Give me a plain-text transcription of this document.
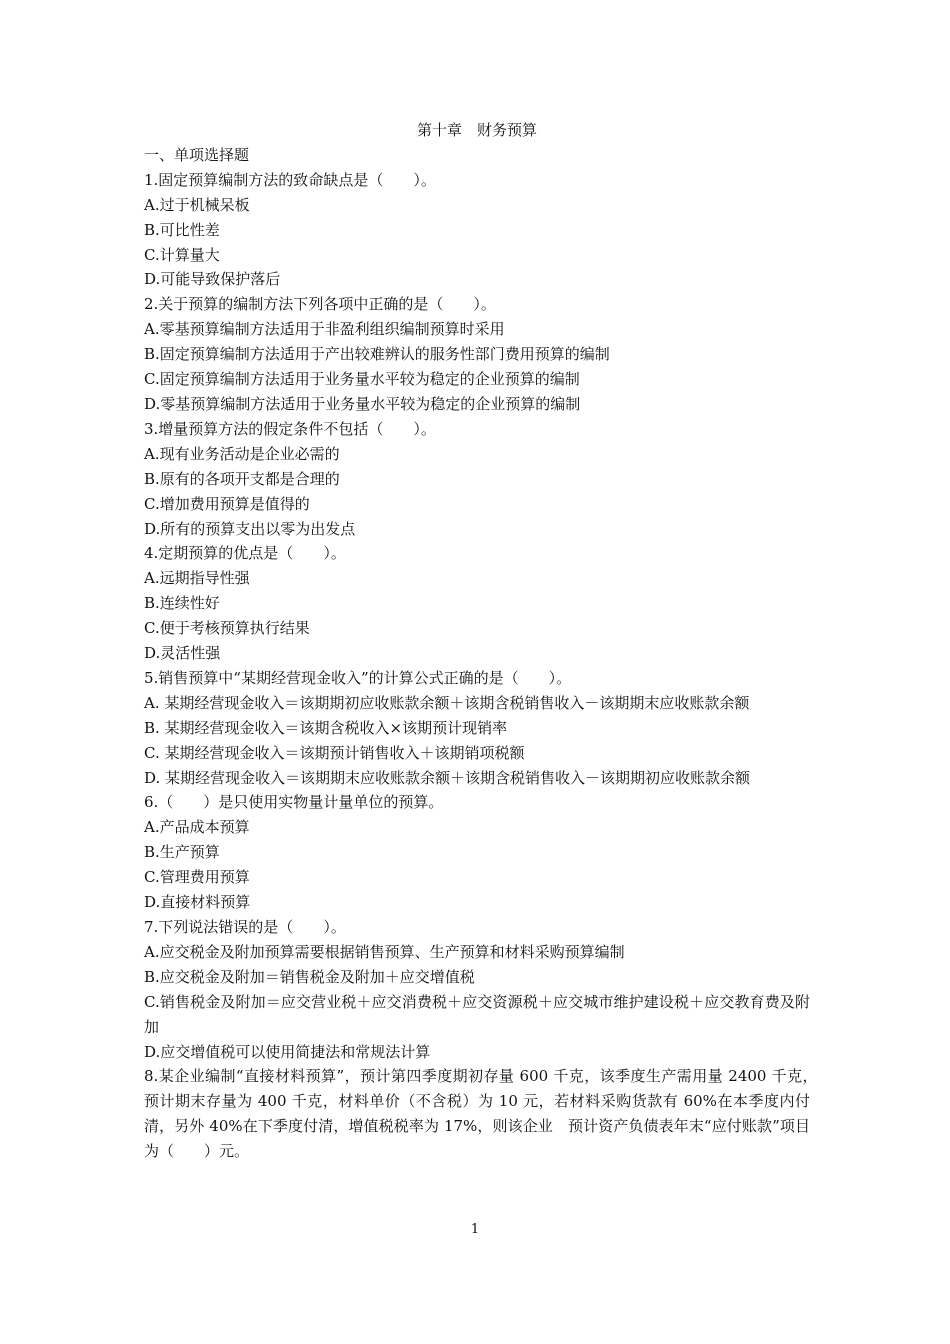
第十章　财务预算

一、单项选择题

1.固定预算编制方法的致命缺点是（　　）。

A.过于机械呆板

B.可比性差

C.计算量大

D.可能导致保护落后

2.关于预算的编制方法下列各项中正确的是（　　）。

A.零基预算编制方法适用于非盈利组织编制预算时采用

B.固定预算编制方法适用于产出较难辨认的服务性部门费用预算的编制

C.固定预算编制方法适用于业务量水平较为稳定的企业预算的编制

D.零基预算编制方法适用于业务量水平较为稳定的企业预算的编制

3.增量预算方法的假定条件不包括（　　）。

A.现有业务活动是企业必需的

B.原有的各项开支都是合理的

C.增加费用预算是值得的

D.所有的预算支出以零为出发点

4.定期预算的优点是（　　）。

A.远期指导性强

B.连续性好

C.便于考核预算执行结果

D.灵活性强

5.销售预算中“某期经营现金收入”的计算公式正确的是（　　）。

A. 某期经营现金收入＝该期期初应收账款余额＋该期含税销售收入－该期期末应收账款余额

B. 某期经营现金收入＝该期含税收入×该期预计现销率

C. 某期经营现金收入＝该期预计销售收入＋该期销项税额

D. 某期经营现金收入＝该期期末应收账款余额＋该期含税销售收入－该期期初应收账款余额

6.（　　）是只使用实物量计量单位的预算。

A.产品成本预算

B.生产预算

C.管理费用预算

D.直接材料预算

7.下列说法错误的是（　　）。

A.应交税金及附加预算需要根据销售预算、生产预算和材料采购预算编制

B.应交税金及附加＝销售税金及附加＋应交增值税

C.销售税金及附加＝应交营业税＋应交消费税＋应交资源税＋应交城市维护建设税＋应交教育费及附加

D.应交增值税可以使用简捷法和常规法计算

8.某企业编制“直接材料预算”，预计第四季度期初存量 600 千克，该季度生产需用量 2400 千克，　预计期末存量为 400 千克，材料单价（不含税）为 10 元，若材料采购货款有 60%在本季度内付清，另外 40%在下季度付清，增值税税率为 17%，则该企业　预计资产负债表年末“应付账款”项目为（　　）元。

1
